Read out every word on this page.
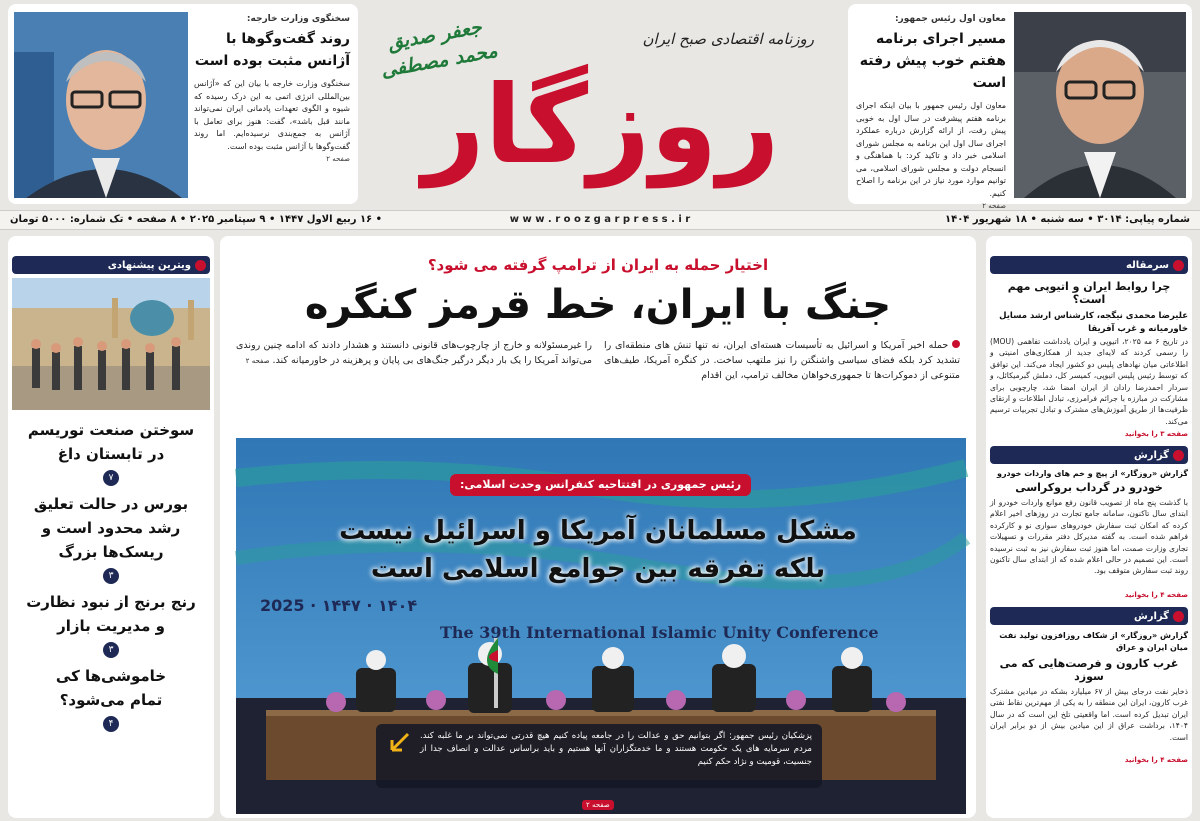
معاون اول رئیس جمهور:
مسیر اجرای برنامه هفتم خوب پیش رفته است
معاون اول رئیس جمهور با بیان اینکه اجرای برنامه هفتم پیشرفت در سال اول به خوبی پیش رفت، از ارائه گزارش درباره عملکرد اجرای سال اول این برنامه به مجلس شورای اسلامی خبر داد و تاکید کرد: با هماهنگی و انسجام دولت و مجلس شورای اسلامی، می توانیم موارد مورد نیاز در این برنامه را اصلاح کنیم.
صفحه ۲
سخنگوی وزارت خارجه:
روند گفت‌وگوها با آژانس مثبت بوده است
سخنگوی وزارت خارجه با بیان این که «آژانس بین‌المللی انرژی اتمی به این درک رسیده که شیوه و الگوی تعهدات پادمانی ایران نمی‌تواند مانند قبل باشد»، گفت: هنوز برای تعامل با آژانس به جمع‌بندی نرسیده‌ایم. اما روند گفت‌وگوها با آژانس مثبت بوده است.
صفحه ۲
روزنامه اقتصادی صبح ایران
جعفر صدیق محمد مصطفی
روزگار
شماره پیاپی: ۳۰۱۴ • سه شنبه • ۱۸ شهریور ۱۴۰۴
w w w . r o o z g a r p r e s s . i r
• ۱۶ ربیع الاول ۱۴۴۷ • ۹ سپتامبر ۲۰۲۵ • ۸ صفحه • تک شماره: ۵۰۰۰ تومان
ویترین پیشنهادی
سوختن صنعت توریسم در تابستان داغ
۷
بورس در حالت تعلیق رشد محدود است و ریسک‌ها بزرگ
۳
رنج برنج از نبود نظارت و مدیریت بازار
۳
خاموشی‌ها کی تمام می‌شود؟
۴
اختیار حمله به ایران از ترامپ گرفته می شود؟
جنگ با ایران، خط قرمز کنگره
حمله اخیر آمریکا و اسرائیل به تأسیسات هسته‌ای ایران، نه تنها تنش های منطقه‌ای را تشدید کرد بلکه فضای سیاسی واشنگتن را نیز ملتهب ساخت. در کنگره آمریکا، طیف‌های متنوعی از دموکرات‌ها تا جمهوری‌خواهان مخالف ترامپ، این اقدام
را غیرمسئولانه و خارج از چارچوب‌های قانونی دانستند و هشدار دادند که ادامه چنین روندی می‌تواند آمریکا را یک بار دیگر درگیر جنگ‌های بی پایان و پرهزینه در خاورمیانه کند. صفحه ۲
The 39th International Islamic Unity Conference
2025 · ۱۴۴۷ · ۱۴۰۴
رئیس جمهوری در افتتاحیه کنفرانس وحدت اسلامی:
مشکل مسلمانان آمریکا و اسرائیل نیست
بلکه تفرقه بین جوامع اسلامی است
پزشکیان رئیس جمهور: اگر بتوانیم حق و عدالت را در جامعه پیاده کنیم هیچ قدرتی نمی‌تواند بر ما غلبه کند. مردم سرمایه های یک حکومت هستند و ما خدمتگزاران آنها هستیم و باید براساس عدالت و انصاف جدا از جنسیت، قومیت و نژاد حکم کنیم
صفحه ۲
سرمقاله
چرا روابط ایران و اتیوپی مهم است؟
علیرضا محمدی نیگجه، کارشناس ارشد مسایل خاورمیانه و غرب آفریقا
در تاریخ ۶ مه ۲۰۲۵، اتیوپی و ایران یادداشت تفاهمی (MOU) را رسمی کردند که لایه‌ای جدید از همکاری‌های امنیتی و اطلاعاتی میان نهادهای پلیس دو کشور ایجاد می‌کند. این توافق که توسط رئیس پلیس اتیوپی، کمیسر کل، دملش گبرمیکائل، و سردار احمدرضا رادان از ایران امضا شد، چارچوبی برای مشارکت در مبارزه با جرائم فرامرزی، تبادل اطلاعات و ارتقای ظرفیت‌ها از طریق آموزش‌های مشترک و تبادل تجربیات ترسیم می‌کند.
صفحه ۳ را بخوانید
گزارش
گزارش «روزگار» از پیچ و خم های واردات خودرو
خودرو در گرداب بروکراسی
با گذشت پنج ماه از تصویب قانون رفع موانع واردات خودرو از ابتدای سال تاکنون، سامانه جامع تجارت در روزهای اخیر اعلام کرده که امکان ثبت سفارش خودروهای سواری نو و کارکرده فراهم شده است. به گفته مدیرکل دفتر مقررات و تسهیلات تجاری وزارت صمت، اما هنوز ثبت سفارش نیز به ثبت نرسیده است. این تصمیم در حالی اعلام شده که از ابتدای سال تاکنون روند ثبت سفارش متوقف بود.
صفحه ۴ را بخوانید
گزارش
گزارش «روزگار» از شکاف روزافزون تولید نفت میان ایران و عراق
غرب کارون و فرصت‌هایی که می سوزد
ذخایر نفت درجای بیش از ۶۷ میلیارد بشکه در میادین مشترک غرب کارون، ایران این منطقه را به یکی از مهم‌ترین نقاط نفتی ایران تبدیل کرده است. اما واقعیتی تلخ این است که در سال ۱۴۰۴، برداشت عراق از این میادین بیش از دو برابر ایران است.
صفحه ۴ را بخوانید
